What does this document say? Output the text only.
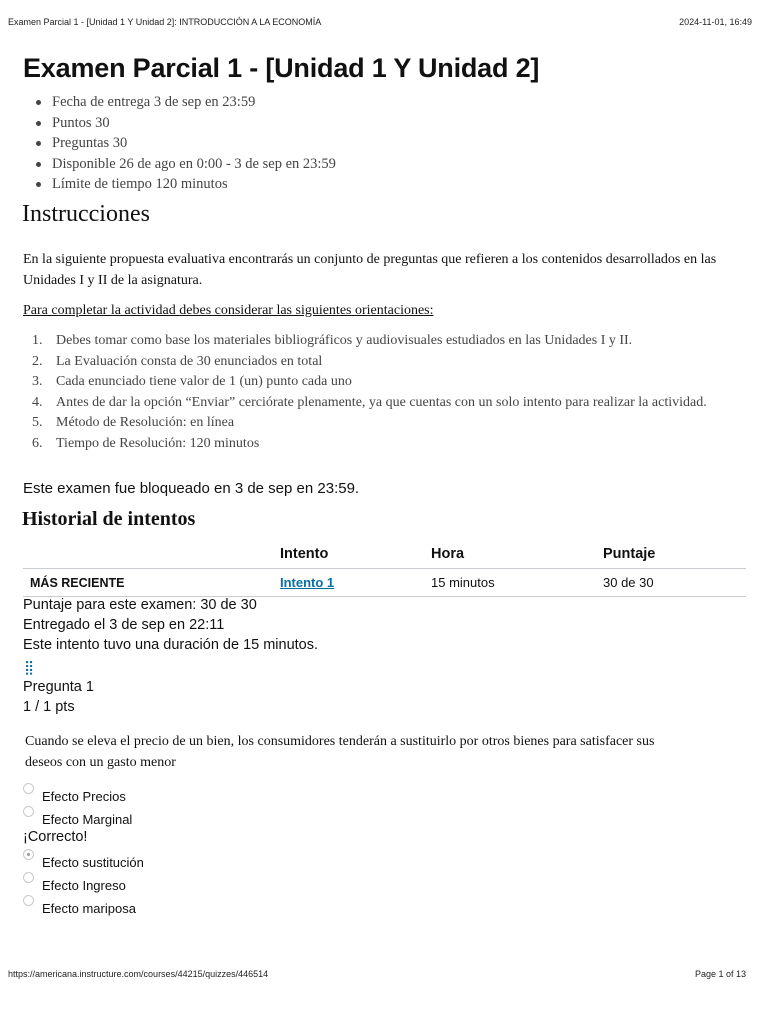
Examen Parcial 1 - [Unidad 1 Y Unidad 2]: INTRODUCCIÓN A LA ECONOMÍA	2024-11-01, 16:49
Examen Parcial 1 - [Unidad 1 Y Unidad 2]
Fecha de entrega 3 de sep en 23:59
Puntos 30
Preguntas 30
Disponible 26 de ago en 0:00 - 3 de sep en 23:59
Límite de tiempo 120 minutos
Instrucciones

En la siguiente propuesta evaluativa encontrarás un conjunto de preguntas que refieren a los contenidos desarrollados en las Unidades I y II de la asignatura.

Para completar la actividad debes considerar las siguientes orientaciones:

1. Debes tomar como base los materiales bibliográficos y audiovisuales estudiados en las Unidades I y II.
2. La Evaluación consta de 30 enunciados en total
3. Cada enunciado tiene valor de 1 (un) punto cada uno
4. Antes de dar la opción “Enviar” cerciórate plenamente, ya que cuentas con un solo intento para realizar la actividad.
5. Método de Resolución: en línea
6. Tiempo de Resolución: 120 minutos
Este examen fue bloqueado en 3 de sep en 23:59.
Historial de intentos
	Intento	Hora	Puntaje
MÁS RECIENTE	Intento 1	15 minutos	30 de 30
Puntaje para este examen: 30 de 30
Entregado el 3 de sep en 22:11
Este intento tuvo una duración de 15 minutos.
⣿
Pregunta 1
1 / 1 pts

Cuando se eleva el precio de un bien, los consumidores tenderán a sustituirlo por otros bienes para satisfacer sus deseos con un gasto menor

Efecto Precios
Efecto Marginal
¡Correcto!
Efecto sustitución
Efecto Ingreso
Efecto mariposa
https://americana.instructure.com/courses/44215/quizzes/446514	Page 1 of 13
